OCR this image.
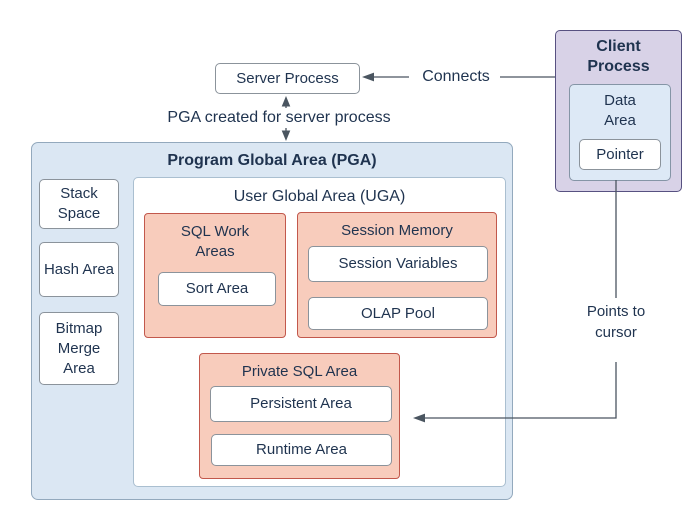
Server Process	Connects
PGA created for server process
Program Global Area (PGA)
Stack Space
Hash Area
Bitmap Merge Area
User Global Area (UGA)
SQL Work Areas
Sort Area
Session Memory
Session Variables
OLAP Pool
Private SQL Area
Persistent Area
Runtime Area
Client Process
Data Area
Pointer
Points to cursor
